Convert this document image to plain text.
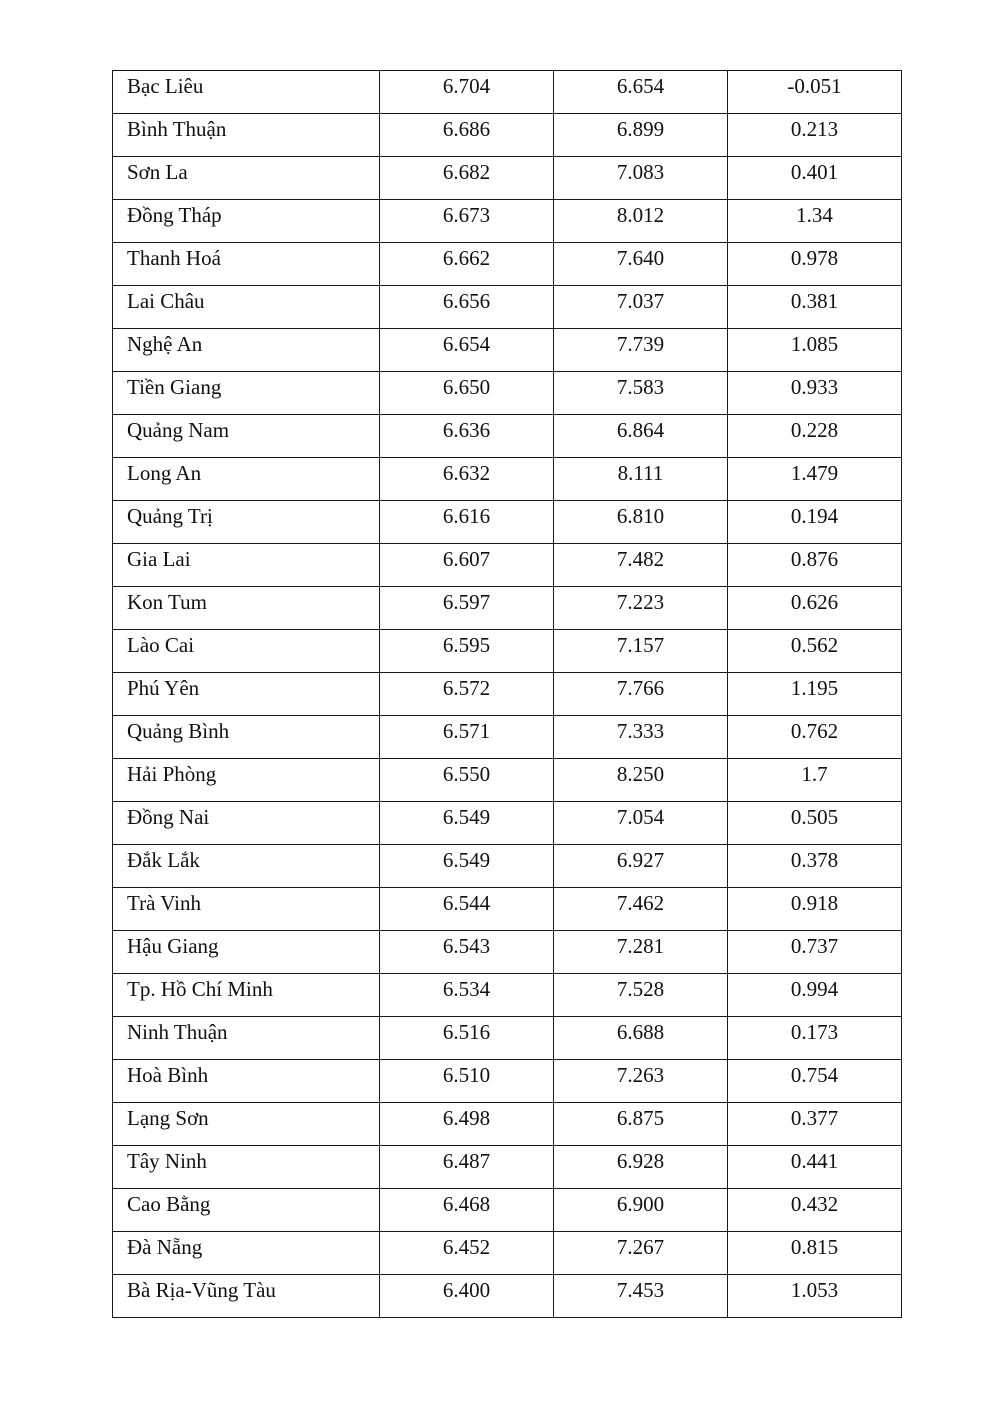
Bạc Liêu	6.704	6.654	-0.051
Bình Thuận	6.686	6.899	0.213
Sơn La	6.682	7.083	0.401
Đồng Tháp	6.673	8.012	1.34
Thanh Hoá	6.662	7.640	0.978
Lai Châu	6.656	7.037	0.381
Nghệ An	6.654	7.739	1.085
Tiền Giang	6.650	7.583	0.933
Quảng Nam	6.636	6.864	0.228
Long An	6.632	8.111	1.479
Quảng Trị	6.616	6.810	0.194
Gia Lai	6.607	7.482	0.876
Kon Tum	6.597	7.223	0.626
Lào Cai	6.595	7.157	0.562
Phú Yên	6.572	7.766	1.195
Quảng Bình	6.571	7.333	0.762
Hải Phòng	6.550	8.250	1.7
Đồng Nai	6.549	7.054	0.505
Đắk Lắk	6.549	6.927	0.378
Trà Vinh	6.544	7.462	0.918
Hậu Giang	6.543	7.281	0.737
Tp. Hồ Chí Minh	6.534	7.528	0.994
Ninh Thuận	6.516	6.688	0.173
Hoà Bình	6.510	7.263	0.754
Lạng Sơn	6.498	6.875	0.377
Tây Ninh	6.487	6.928	0.441
Cao Bằng	6.468	6.900	0.432
Đà Nẵng	6.452	7.267	0.815
Bà Rịa-Vũng Tàu	6.400	7.453	1.053
